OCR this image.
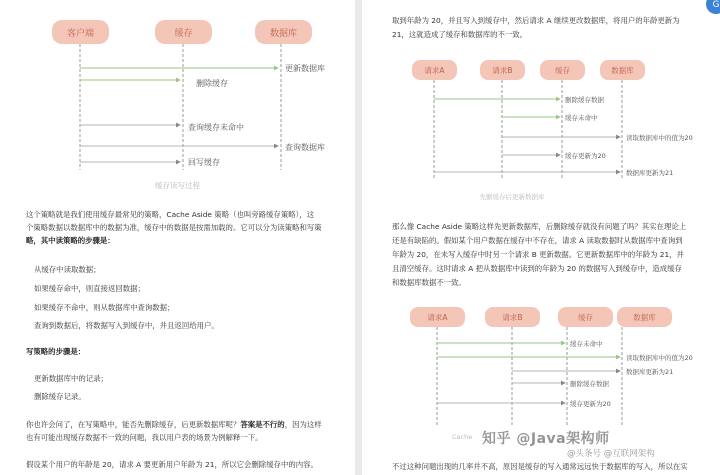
客户端	缓存	数据库
更新数据库
删除缓存
查询缓存未命中
查询数据库
回写缓存
缓存读写过程
这个策略就是我们使用缓存最常见的策略，Cache Aside 策略（也叫旁路缓存策略），这
个策略数据以数据库中的数据为准，缓存中的数据是按需加载的。它可以分为读策略和写策
略，其中读策略的步骤是：
从缓存中读取数据；
如果缓存命中，则直接返回数据；
如果缓存不命中，则从数据库中查询数据；
查询到数据后，将数据写入到缓存中，并且返回给用户。
写策略的步骤是：
更新数据库中的记录；
删除缓存记录。
你也许会问了，在写策略中，能否先删除缓存，后更新数据库呢？答案是不行的，因为这样
也有可能出现缓存数据不一致的问题，我以用户表的场景为例解释一下。
假设某个用户的年龄是 20，请求 A 要更新用户年龄为 21，所以它会删除缓存中的内容。
G
取到年龄为 20，并且写入到缓存中，然后请求 A 继续更改数据库，将用户的年龄更新为
21，这就造成了缓存和数据库的不一致。
请求A	请求B	缓存	数据库
删除缓存数据
缓存未命中
读取数据库中的值为20
缓存更新为20
数据库更新为21
先删缓存后更新数据库
那么像 Cache Aside 策略这样先更新数据库，后删除缓存就没有问题了吗？其实在理论上
还是有缺陷的。假如某个用户数据在缓存中不存在，请求 A 读取数据时从数据库中查询到
年龄为 20，在未写入缓存中时另一个请求 B 更新数据。它更新数据库中的年龄为 21，并
且清空缓存。这时请求 A 把从数据库中读到的年龄为 20 的数据写入到缓存中，造成缓存
和数据库数据不一致。
请求A	请求B	缓存	数据库
缓存未命中
读取数据库中的值为20
数据库更新为21
删除缓存数据
缓存更新为20
Cache 知乎 @Java架构师
@头条号 @互联网架构
不过这种问题出现的几率并不高，原因是缓存的写入通常远远快于数据库的写入，所以在实
